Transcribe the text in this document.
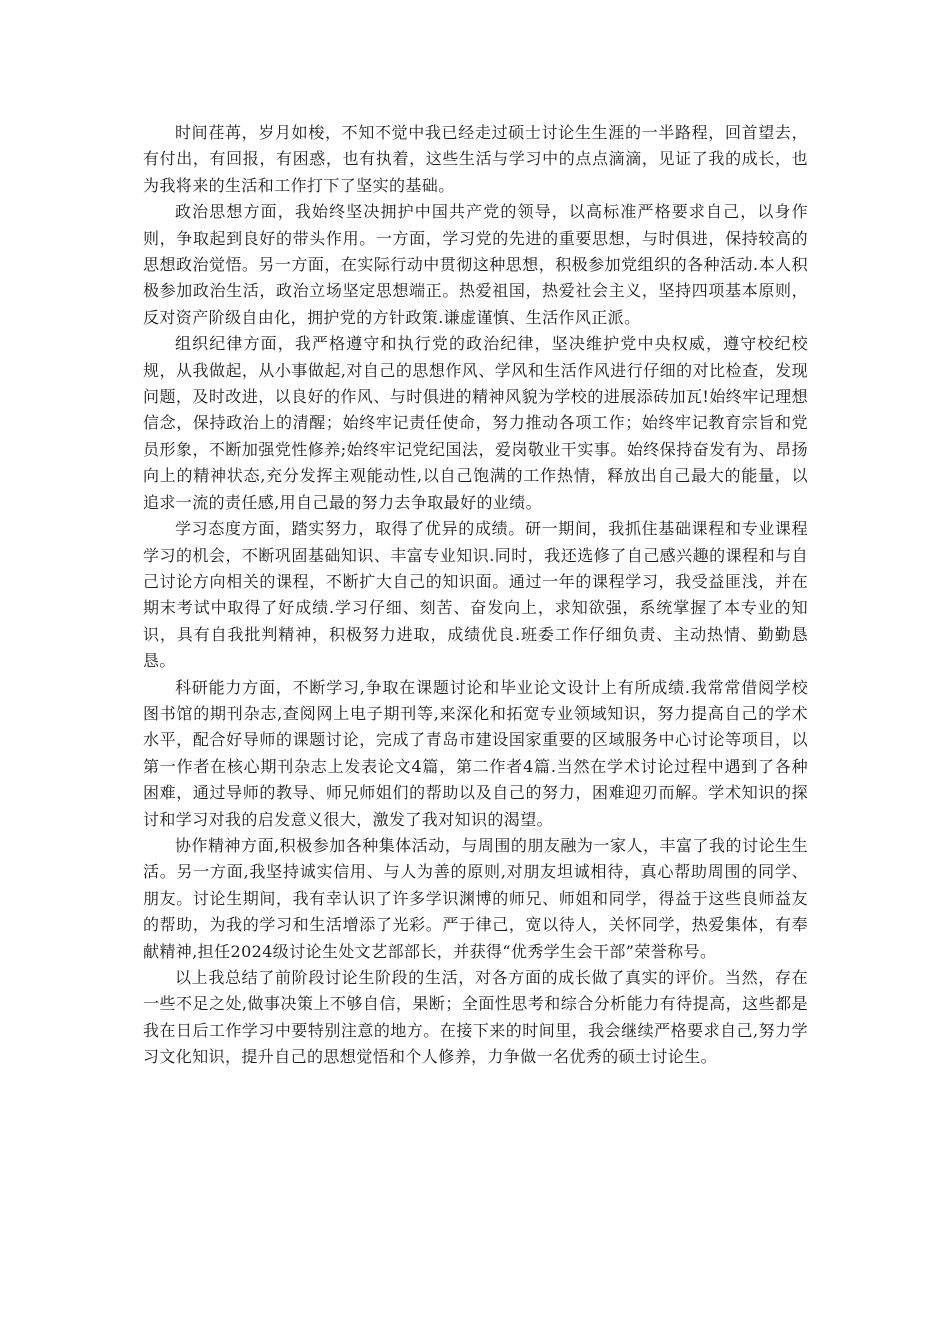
时间荏苒，岁月如梭，不知不觉中我已经走过硕士讨论生生涯的一半路程，回首望去，有付出，有回报，有困惑，也有执着，这些生活与学习中的点点滴滴，见证了我的成长，也为我将来的生活和工作打下了坚实的基础。

政治思想方面，我始终坚决拥护中国共产党的领导，以高标准严格要求自己，以身作则，争取起到良好的带头作用。一方面，学习党的先进的重要思想，与时俱进，保持较高的思想政治觉悟。另一方面，在实际行动中贯彻这种思想，积极参加党组织的各种活动.本人积极参加政治生活，政治立场坚定思想端正。热爱祖国，热爱社会主义，坚持四项基本原则，反对资产阶级自由化，拥护党的方针政策.谦虚谨慎、生活作风正派。

组织纪律方面，我严格遵守和执行党的政治纪律，坚决维护党中央权威，遵守校纪校规，从我做起，从小事做起,对自己的思想作风、学风和生活作风进行仔细的对比检查，发现问题，及时改进，以良好的作风、与时俱进的精神风貌为学校的进展添砖加瓦!始终牢记理想信念，保持政治上的清醒；始终牢记责任使命，努力推动各项工作；始终牢记教育宗旨和党员形象，不断加强党性修养;始终牢记党纪国法，爱岗敬业干实事。始终保持奋发有为、昂扬向上的精神状态,充分发挥主观能动性,以自己饱满的工作热情，释放出自己最大的能量，以追求一流的责任感,用自己最的努力去争取最好的业绩。

学习态度方面，踏实努力，取得了优异的成绩。研一期间，我抓住基础课程和专业课程学习的机会，不断巩固基础知识、丰富专业知识.同时，我还选修了自己感兴趣的课程和与自己讨论方向相关的课程，不断扩大自己的知识面。通过一年的课程学习，我受益匪浅，并在期末考试中取得了好成绩.学习仔细、刻苦、奋发向上，求知欲强，系统掌握了本专业的知识，具有自我批判精神，积极努力进取，成绩优良.班委工作仔细负责、主动热情、勤勤恳恳。

科研能力方面，不断学习,争取在课题讨论和毕业论文设计上有所成绩.我常常借阅学校图书馆的期刊杂志,查阅网上电子期刊等,来深化和拓宽专业领域知识，努力提高自己的学术水平，配合好导师的课题讨论，完成了青岛市建设国家重要的区域服务中心讨论等项目，以第一作者在核心期刊杂志上发表论文4篇，第二作者4篇.当然在学术讨论过程中遇到了各种困难，通过导师的教导、师兄师姐们的帮助以及自己的努力，困难迎刃而解。学术知识的探讨和学习对我的启发意义很大，激发了我对知识的渴望。

协作精神方面,积极参加各种集体活动，与周围的朋友融为一家人，丰富了我的讨论生生活。另一方面,我坚持诚实信用、与人为善的原则,对朋友坦诚相待，真心帮助周围的同学、朋友。讨论生期间，我有幸认识了许多学识渊博的师兄、师姐和同学，得益于这些良师益友的帮助，为我的学习和生活增添了光彩。严于律己，宽以待人，关怀同学，热爱集体，有奉献精神,担任2024级讨论生处文艺部部长，并获得“优秀学生会干部”荣誉称号。

以上我总结了前阶段讨论生阶段的生活，对各方面的成长做了真实的评价。当然，存在一些不足之处,做事决策上不够自信，果断；全面性思考和综合分析能力有待提高，这些都是我在日后工作学习中要特别注意的地方。在接下来的时间里，我会继续严格要求自己,努力学习文化知识，提升自己的思想觉悟和个人修养，力争做一名优秀的硕士讨论生。
